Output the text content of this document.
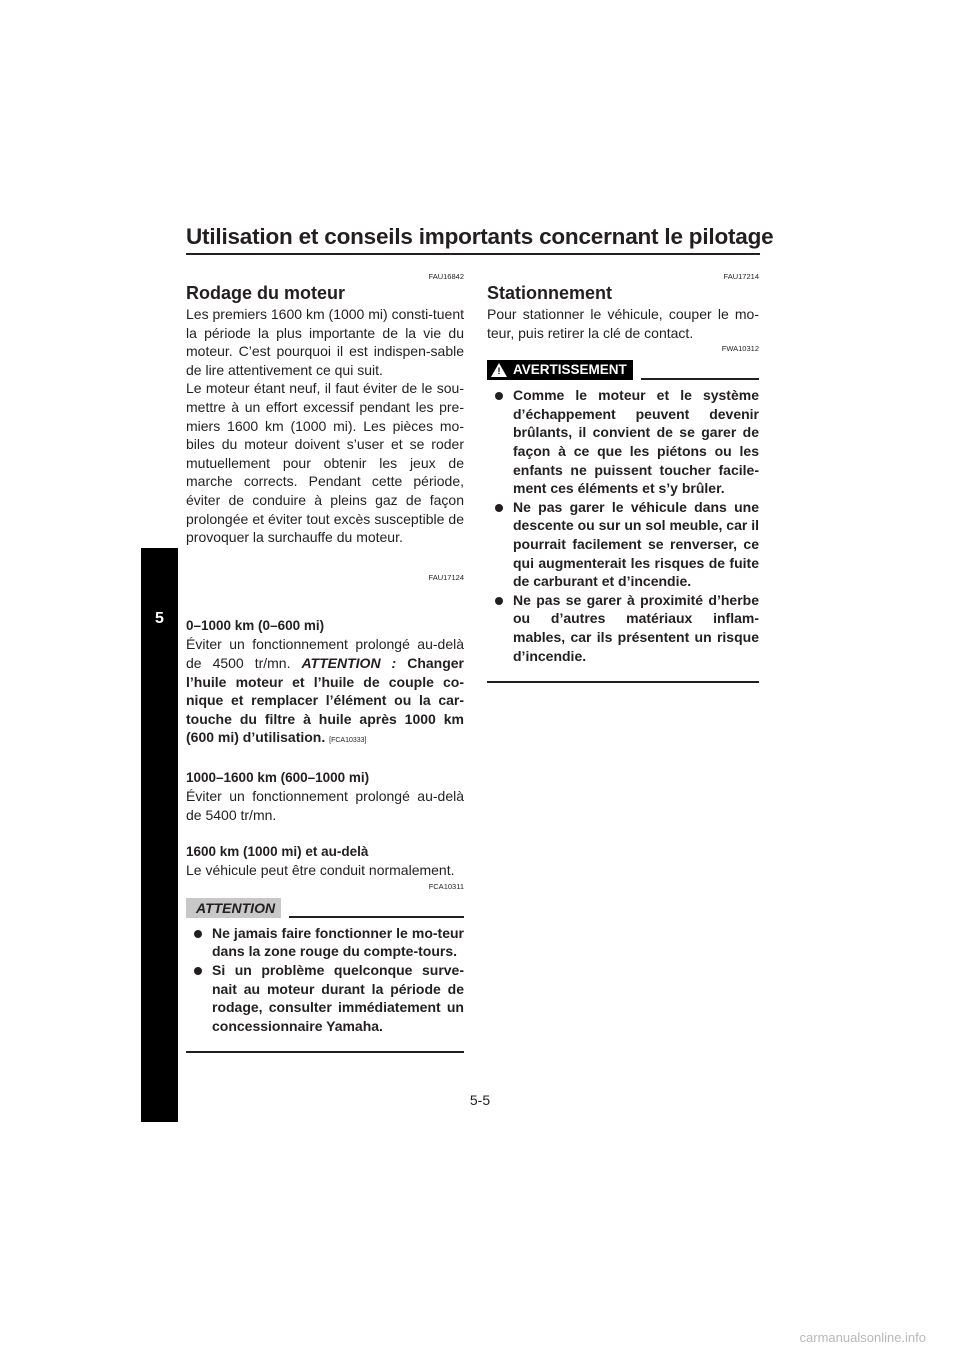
Utilisation et conseils importants concernant le pilotage
5
FAU16842
Rodage du moteur

Les premiers 1600 km (1000 mi) consti-tuent la période la plus importante de la vie du moteur. C’est pourquoi il est indispen-sable de lire attentivement ce qui suit.

Le moteur étant neuf, il faut éviter de le sou-mettre à un effort excessif pendant les pre-miers 1600 km (1000 mi). Les pièces mo-biles du moteur doivent s’user et se roder mutuellement pour obtenir les jeux de marche corrects. Pendant cette période, éviter de conduire à pleins gaz de façon prolongée et éviter tout excès susceptible de provoquer la surchauffe du moteur.

FAU17124
0–1000 km (0–600 mi)

Éviter un fonctionnement prolongé au-delà de 4500 tr/mn. ATTENTION : Changer l’huile moteur et l’huile de couple co-nique et remplacer l’élément ou la car-touche du filtre à huile après 1000 km (600 mi) d’utilisation. [FCA10333]

1000–1600 km (600–1000 mi)

Éviter un fonctionnement prolongé au-delà de 5400 tr/mn.

1600 km (1000 mi) et au-delà

Le véhicule peut être conduit normalement.

FCA10311
ATTENTION
Ne jamais faire fonctionner le mo-teur dans la zone rouge du compte-tours.
Si un problème quelconque surve-nait au moteur durant la période de rodage, consulter immédiatement un concessionnaire Yamaha.
FAU17214
Stationnement

Pour stationner le véhicule, couper le mo-teur, puis retirer la clé de contact.

FWA10312
! AVERTISSEMENT
Comme le moteur et le système d’échappement peuvent devenir brûlants, il convient de se garer de façon à ce que les piétons ou les enfants ne puissent toucher facile-ment ces éléments et s’y brûler.
Ne pas garer le véhicule dans une descente ou sur un sol meuble, car il pourrait facilement se renverser, ce qui augmenterait les risques de fuite de carburant et d’incendie.
Ne pas se garer à proximité d’herbe ou d’autres matériaux inflam-mables, car ils présentent un risque d’incendie.
5-5
carmanualsonline.info
